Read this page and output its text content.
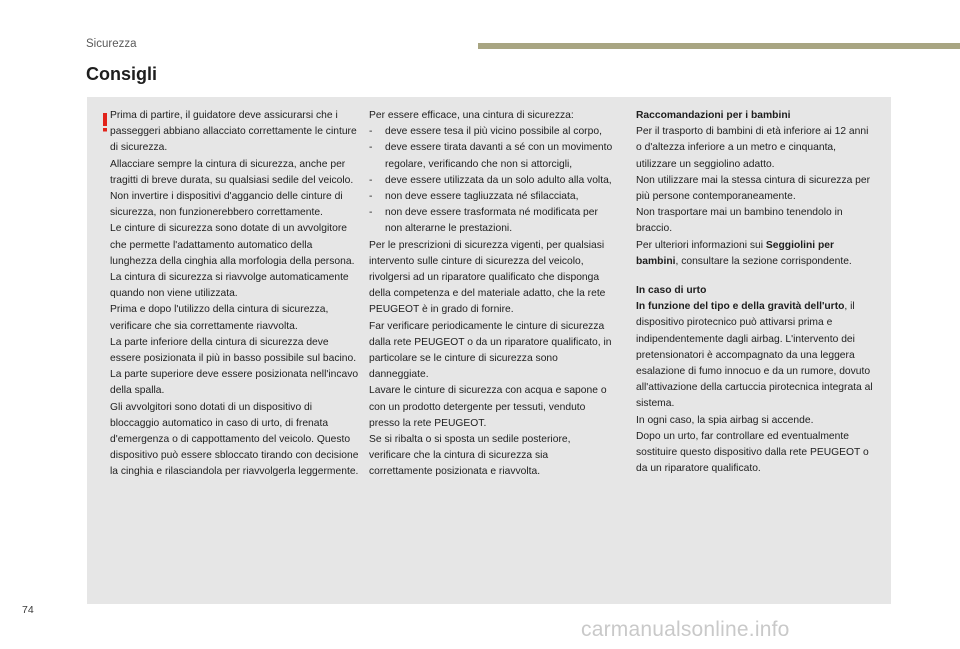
Sicurezza
Consigli

Prima di partire, il guidatore deve assicurarsi che i passeggeri abbiano allacciato correttamente le cinture di sicurezza.

Allacciare sempre la cintura di sicurezza, anche per tragitti di breve durata, su qualsiasi sedile del veicolo.

Non invertire i dispositivi d'aggancio delle cinture di sicurezza, non funzionerebbero correttamente.

Le cinture di sicurezza sono dotate di un avvolgitore che permette l'adattamento automatico della lunghezza della cinghia alla morfologia della persona. La cintura di sicurezza si riavvolge automaticamente quando non viene utilizzata.

Prima e dopo l'utilizzo della cintura di sicurezza, verificare che sia correttamente riavvolta.

La parte inferiore della cintura di sicurezza deve essere posizionata il più in basso possibile sul bacino.

La parte superiore deve essere posizionata nell'incavo della spalla.

Gli avvolgitori sono dotati di un dispositivo di bloccaggio automatico in caso di urto, di frenata d'emergenza o di cappottamento del veicolo. Questo dispositivo può essere sbloccato tirando con decisione la cinghia e rilasciandola per riavvolgerla leggermente.

Per essere efficace, una cintura di sicurezza:

- deve essere tesa il più vicino possibile al corpo,
- deve essere tirata davanti a sé con un movimento regolare, verificando che non si attorcigli,
- deve essere utilizzata da un solo adulto alla volta,
- non deve essere tagliuzzata né sfilacciata,
- non deve essere trasformata né modificata per non alterarne le prestazioni.

Per le prescrizioni di sicurezza vigenti, per qualsiasi intervento sulle cinture di sicurezza del veicolo, rivolgersi ad un riparatore qualificato che disponga della competenza e del materiale adatto, che la rete PEUGEOT è in grado di fornire.

Far verificare periodicamente le cinture di sicurezza dalla rete PEUGEOT o da un riparatore qualificato, in particolare se le cinture di sicurezza sono danneggiate.

Lavare le cinture di sicurezza con acqua e sapone o con un prodotto detergente per tessuti, venduto presso la rete PEUGEOT.

Se si ribalta o si sposta un sedile posteriore, verificare che la cintura di sicurezza sia correttamente posizionata e riavvolta.

Raccomandazioni per i bambini

Per il trasporto di bambini di età inferiore ai 12 anni o d'altezza inferiore a un metro e cinquanta, utilizzare un seggiolino adatto.

Non utilizzare mai la stessa cintura di sicurezza per più persone contemporaneamente.

Non trasportare mai un bambino tenendolo in braccio.

Per ulteriori informazioni sui Seggiolini per bambini, consultare la sezione corrispondente.

In caso di urto

In funzione del tipo e della gravità dell'urto, il dispositivo pirotecnico può attivarsi prima e indipendentemente dagli airbag. L'intervento dei pretensionatori è accompagnato da una leggera esalazione di fumo innocuo e da un rumore, dovuto all'attivazione della cartuccia pirotecnica integrata al sistema.

In ogni caso, la spia airbag si accende.

Dopo un urto, far controllare ed eventualmente sostituire questo dispositivo dalla rete PEUGEOT o da un riparatore qualificato.

74
carmanualsonline.info
